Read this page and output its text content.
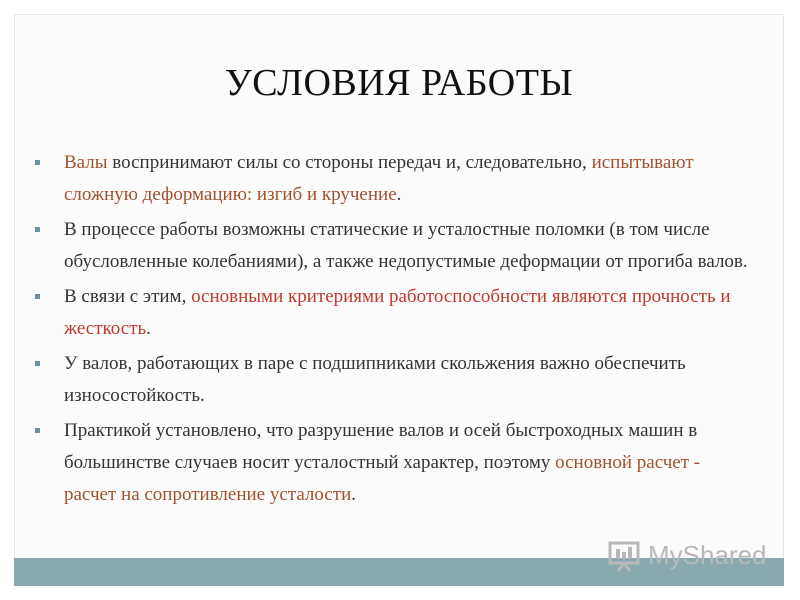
УСЛОВИЯ РАБОТЫ
Валы воспринимают силы со стороны передач и, следовательно, испытывают сложную деформацию: изгиб и кручение.
В процессе работы возможны статические и усталостные поломки (в том числе обусловленные колебаниями), а также недопустимые деформации от прогиба валов.
В связи с этим, основными критериями работоспособности являются прочность и жесткость.
У валов, работающих в паре с подшипниками скольжения важно обеспечить износостойкость.
Практикой установлено, что разрушение валов и осей быстроходных машин в большинстве случаев носит усталостный характер, поэтому основной расчет - расчет на сопротивление усталости.
MyShared
